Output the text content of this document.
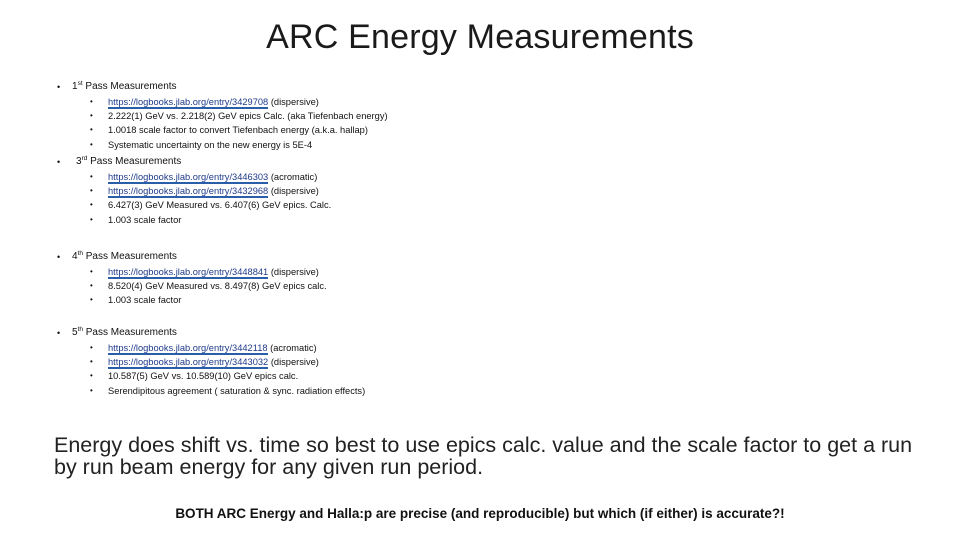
ARC Energy Measurements
• 1st Pass Measurements
• https://logbooks.jlab.org/entry/3429708 (dispersive)
• 2.222(1) GeV vs. 2.218(2) GeV epics Calc. (aka Tiefenbach energy)
• 1.0018 scale factor to convert Tiefenbach energy (a.k.a. hallap)
• Systematic uncertainty on the new energy is 5E-4
• 3rd Pass Measurements
• https://logbooks.jlab.org/entry/3446303 (acromatic)
• https://logbooks.jlab.org/entry/3432968 (dispersive)
• 6.427(3) GeV Measured vs. 6.407(6) GeV epics. Calc.
• 1.003 scale factor
• 4th Pass Measurements
• https://logbooks.jlab.org/entry/3448841 (dispersive)
• 8.520(4) GeV Measured vs. 8.497(8) GeV epics calc.
• 1.003 scale factor
• 5th Pass Measurements
• https://logbooks.jlab.org/entry/3442118 (acromatic)
• https://logbooks.jlab.org/entry/3443032 (dispersive)
• 10.587(5) GeV vs. 10.589(10) GeV epics calc.
• Serendipitous agreement ( saturation & sync. radiation effects)
Energy does shift vs. time so best to use epics calc. value and the scale factor to get a run by run beam energy for any given run period.
BOTH ARC Energy and Halla:p are precise (and reproducible) but which (if either) is accurate?!
